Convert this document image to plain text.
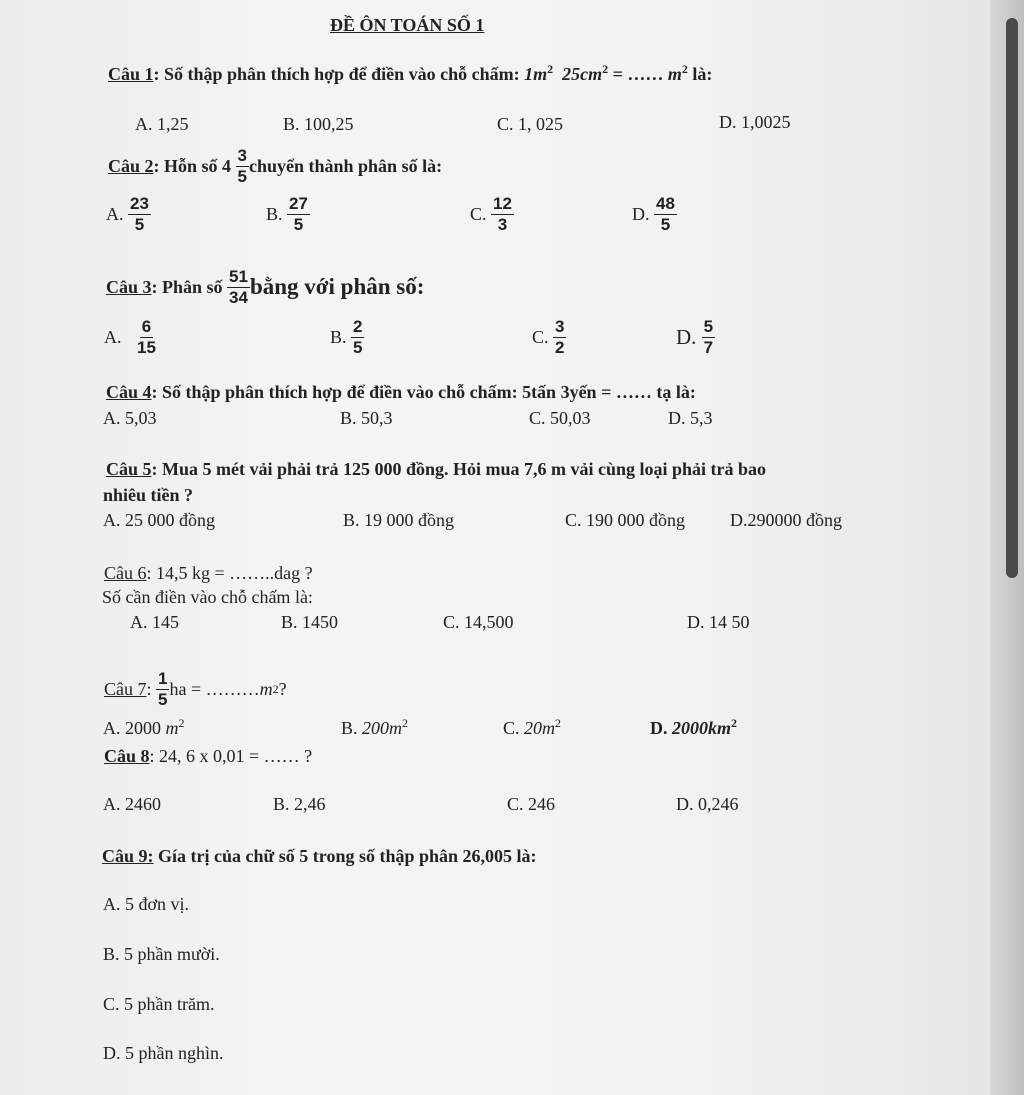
ĐỀ ÔN TOÁN SỐ 1
Câu 1: Số thập phân thích hợp để điền vào chỗ chấm: $1m^2$ $25cm^2$ = …… $m^2$ là:
A. 1,25	B. 100,25	C. 1, 025	D. 1,0025
Câu 2 : Hỗn số
4
$\frac{3}{5}$ chuyển thành phân số là:
A.
$\frac{23}{5}$	B.
$\frac{27}{5}$	C.
$\frac{12}{3}$	D.
$\frac{48}{5}$
Câu 3 : Phân số
$\frac{51}{34}$ bằng với phân số:
A.
$\frac{6}{15}$	B.
$\frac{2}{5}$	C.
$\frac{3}{2}$	D.
$\frac{5}{7}$
Câu 4: Số thập phân thích hợp để điền vào chỗ chấm: 5tấn 3yến = …… tạ là:
A. 5,03	B. 50,3	C. 50,03	D. 5,3
Câu 5: Mua 5 mét vải phải trả 125 000 đồng. Hỏi mua 7,6 m vải cùng loại phải trả bao
nhiêu tiền ?
A. 25 000 đồng	B. 19 000 đồng	C. 190 000 đồng D.290000 đồng
Câu 6: 14,5 kg = ……..dag ?
Số cần điền vào chỗ chấm là:
A. 145	B. 1450	C. 14,500	D. 14 50
Câu 7 :
$\frac{1}{5}$ ha = ……… m 2 ?
A. 2000 $m^2$	B. $200m^2$	C. $20m^2$	D. $2000km^2$
Câu 8: 24, 6 x 0,01 = …… ?
A. 2460	B. 2,46	C. 246	D. 0,246
Câu 9: Gía trị của chữ số 5 trong số thập phân 26,005 là:
A. 5 đơn vị.
B. 5 phần mười.
C. 5 phần trăm.
D. 5 phần nghìn.
